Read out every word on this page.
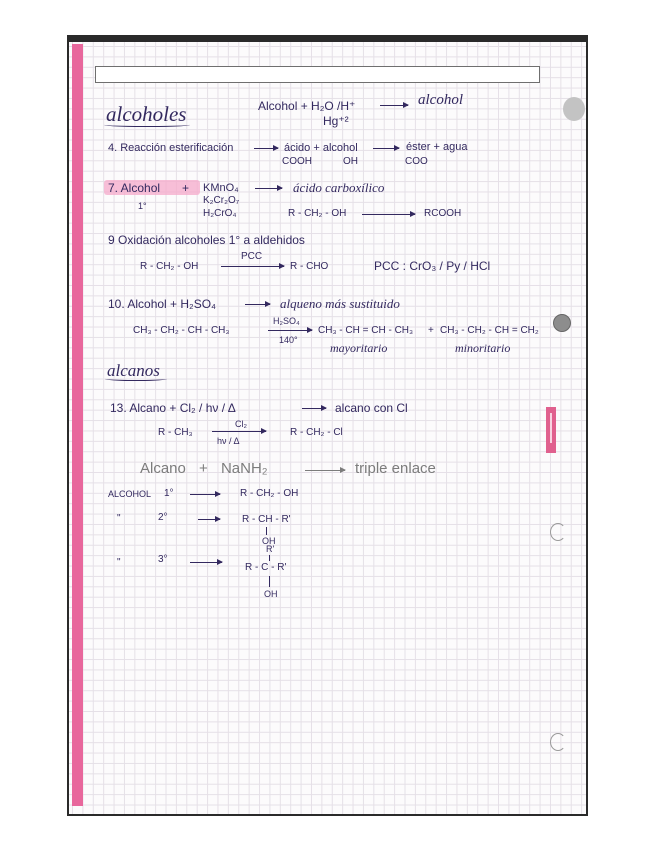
alcoholes	Alcohol + H₂O /H⁺ → alcohol
Hg⁺²
4. Reacción esterificación → ácido + alcohol → éster + agua
COOH	OH	COO
7. Alcohol + KMnO₄
K₂Cr₂O₇
H₂CrO₄
→ ácido carboxílico
1°
R - CH₂ - OH → RCOOH
9 Oxidación alcoholes 1° a aldehidos
R - CH₂ - OH
PCC
→ R - CHO	PCC : CrO₃ / Py / HCl
10. Alcohol + H₂SO₄ → alqueno más sustituido
CH₃ - CH₂ - CH - CH₃
H₂SO₄
140°
CH₃ - CH = CH - CH₃ + CH₃ - CH₂ - CH = CH₂
mayoritario	minoritario
alcanos
13. Alcano + Cl₂ / hν / Δ	→ alcano con Cl
R - CH₃
Cl₂
hν / Δ
R - CH₂ - Cl
Alcano + NaNH₂ → triple enlace
ALCOHOL 1° → R - CH₂ - OH
"	2° → R - CH - R'
OH
"	3° →
R'
R - C - R'
OH
